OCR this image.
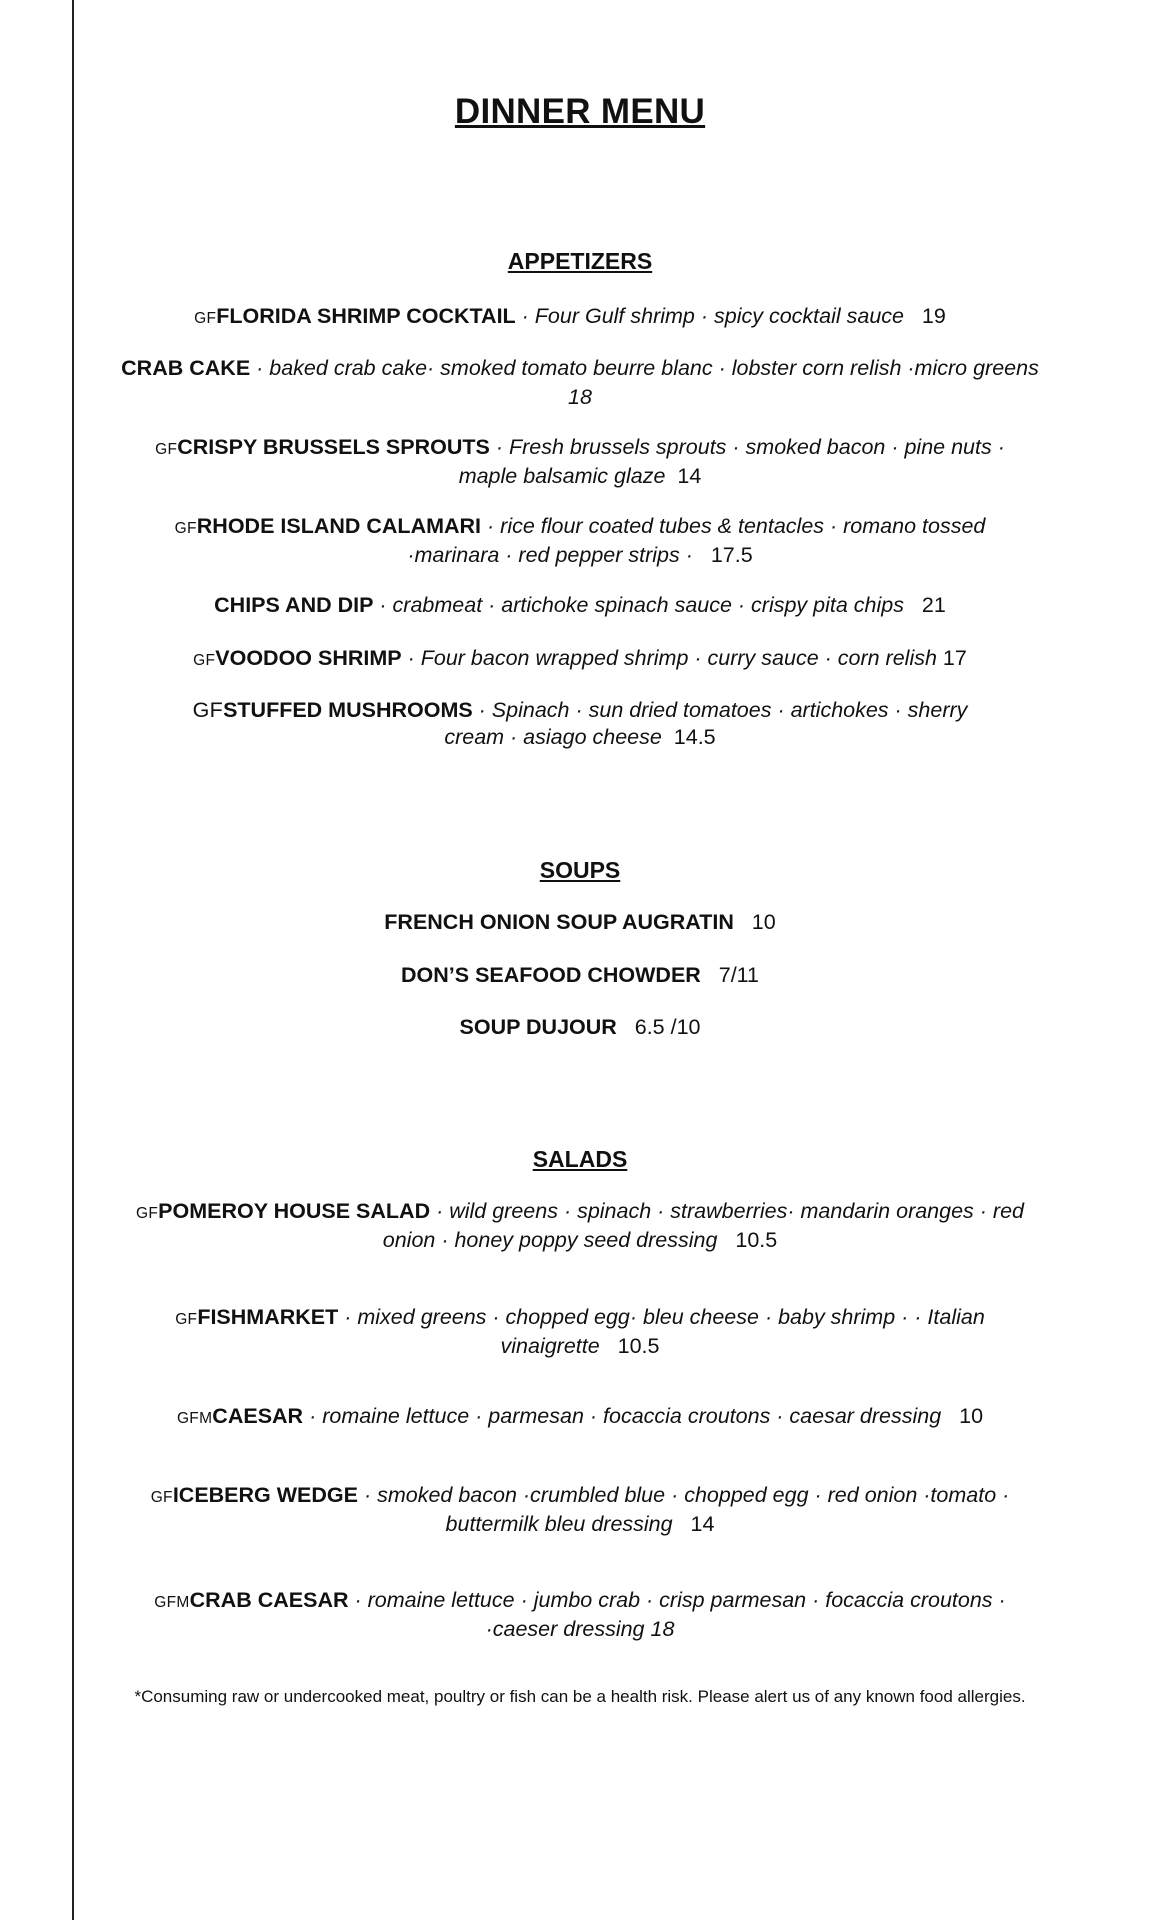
DINNER MENU
APPETIZERS
GFFLORIDA SHRIMP COCKTAIL · Four Gulf shrimp · spicy cocktail sauce 19
CRAB CAKE · baked crab cake· smoked tomato beurre blanc · lobster corn relish ·micro greens 18
GFCRISPY BRUSSELS SPROUTS · Fresh brussels sprouts · smoked bacon · pine nuts · maple balsamic glaze 14
GFRHODE ISLAND CALAMARI · rice flour coated tubes & tentacles · romano tossed ·marinara · red pepper strips · 17.5
CHIPS AND DIP · crabmeat · artichoke spinach sauce · crispy pita chips 21
GFVOODOO SHRIMP · Four bacon wrapped shrimp · curry sauce · corn relish 17
GFSTUFFED MUSHROOMS · Spinach · sun dried tomatoes · artichokes · sherry cream · asiago cheese 14.5
SOUPS
FRENCH ONION SOUP AUGRATIN 10
DON’S SEAFOOD CHOWDER 7/11
SOUP DUJOUR 6.5 /10
SALADS
GFPOMEROY HOUSE SALAD · wild greens · spinach · strawberries· mandarin oranges · red onion · honey poppy seed dressing 10.5
GFFISHMARKET · mixed greens · chopped egg· bleu cheese · baby shrimp · · Italian vinaigrette 10.5
GFMCAESAR · romaine lettuce · parmesan · focaccia croutons · caesar dressing 10
GFICEBERG WEDGE · smoked bacon ·crumbled blue · chopped egg · red onion ·tomato · buttermilk bleu dressing 14
GFMCRAB CAESAR · romaine lettuce · jumbo crab · crisp parmesan · focaccia croutons · ·caeser dressing 18
*Consuming raw or undercooked meat, poultry or fish can be a health risk. Please alert us of any known food allergies.
